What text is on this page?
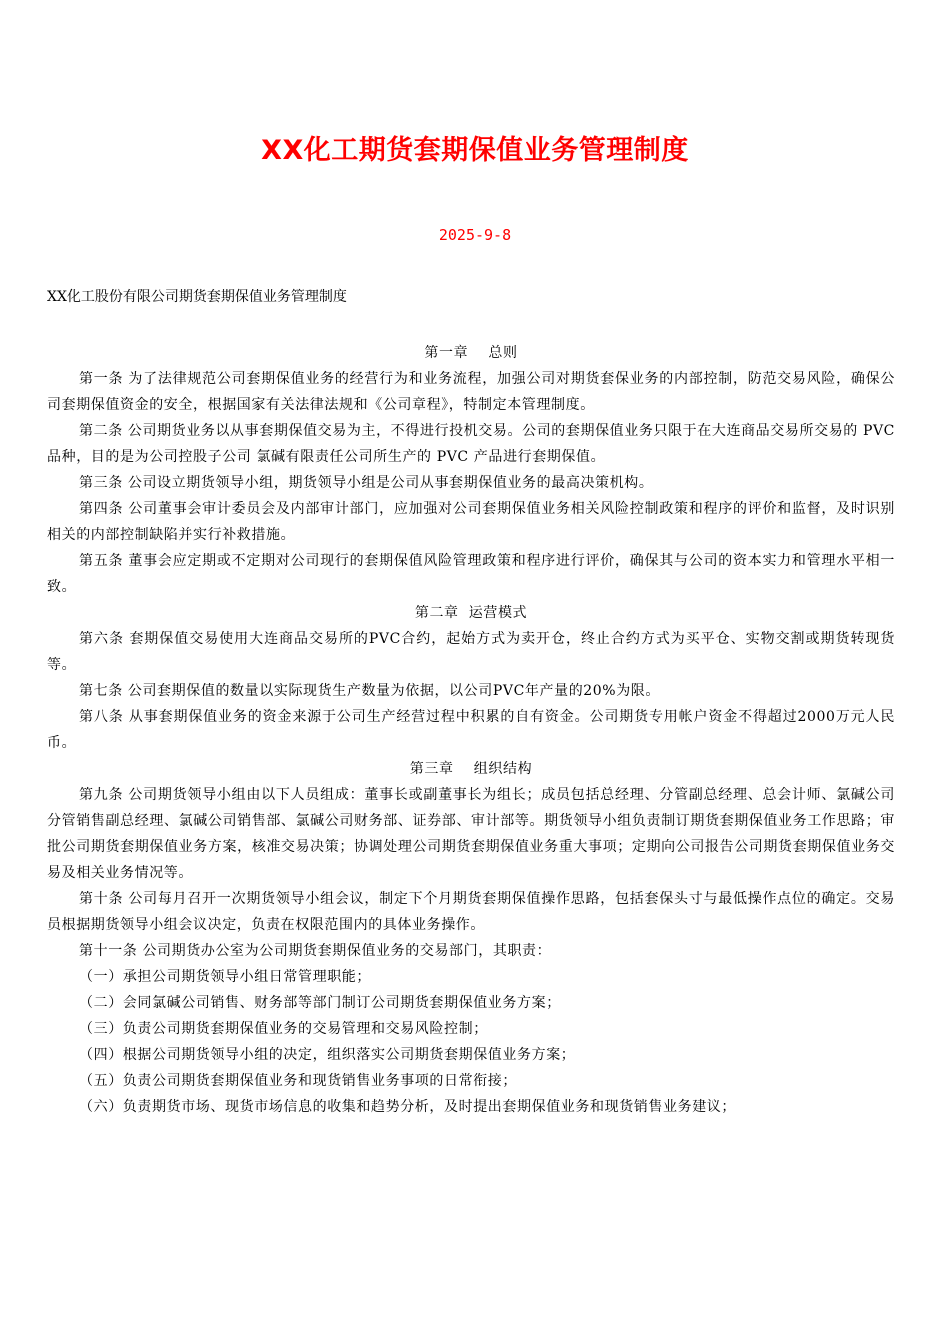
XX化工期货套期保值业务管理制度
2025-9-8
XX化工股份有限公司期货套期保值业务管理制度
第一章    总则

第一条 为了法律规范公司套期保值业务的经营行为和业务流程，加强公司对期货套保业务的内部控制，防范交易风险，确保公司套期保值资金的安全，根据国家有关法律法规和《公司章程》，特制定本管理制度。

第二条 公司期货业务以从事套期保值交易为主，不得进行投机交易。公司的套期保值业务只限于在大连商品交易所交易的 PVC 品种，目的是为公司控股子公司 氯碱有限责任公司所生产的 PVC 产品进行套期保值。

第三条 公司设立期货领导小组，期货领导小组是公司从事套期保值业务的最高决策机构。

第四条 公司董事会审计委员会及内部审计部门，应加强对公司套期保值业务相关风险控制政策和程序的评价和监督，及时识别相关的内部控制缺陷并实行补救措施。

第五条 董事会应定期或不定期对公司现行的套期保值风险管理政策和程序进行评价，确保其与公司的资本实力和管理水平相一致。

第二章  运营模式

第六条 套期保值交易使用大连商品交易所的PVC合约，起始方式为卖开仓，终止合约方式为买平仓、实物交割或期货转现货等。

第七条 公司套期保值的数量以实际现货生产数量为依据，以公司PVC年产量的20%为限。

第八条 从事套期保值业务的资金来源于公司生产经营过程中积累的自有资金。公司期货专用帐户资金不得超过2000万元人民币。

第三章    组织结构

第九条 公司期货领导小组由以下人员组成：董事长或副董事长为组长；成员包括总经理、分管副总经理、总会计师、氯碱公司分管销售副总经理、氯碱公司销售部、氯碱公司财务部、证券部、审计部等。期货领导小组负责制订期货套期保值业务工作思路；审批公司期货套期保值业务方案，核准交易决策；协调处理公司期货套期保值业务重大事项；定期向公司报告公司期货套期保值业务交易及相关业务情况等。

第十条 公司每月召开一次期货领导小组会议，制定下个月期货套期保值操作思路，包括套保头寸与最低操作点位的确定。交易员根据期货领导小组会议决定，负责在权限范围内的具体业务操作。

第十一条 公司期货办公室为公司期货套期保值业务的交易部门，其职责：

（一）承担公司期货领导小组日常管理职能；

（二）会同氯碱公司销售、财务部等部门制订公司期货套期保值业务方案；

（三）负责公司期货套期保值业务的交易管理和交易风险控制；

（四）根据公司期货领导小组的决定，组织落实公司期货套期保值业务方案；

（五）负责公司期货套期保值业务和现货销售业务事项的日常衔接；

（六）负责期货市场、现货市场信息的收集和趋势分析，及时提出套期保值业务和现货销售业务建议；
